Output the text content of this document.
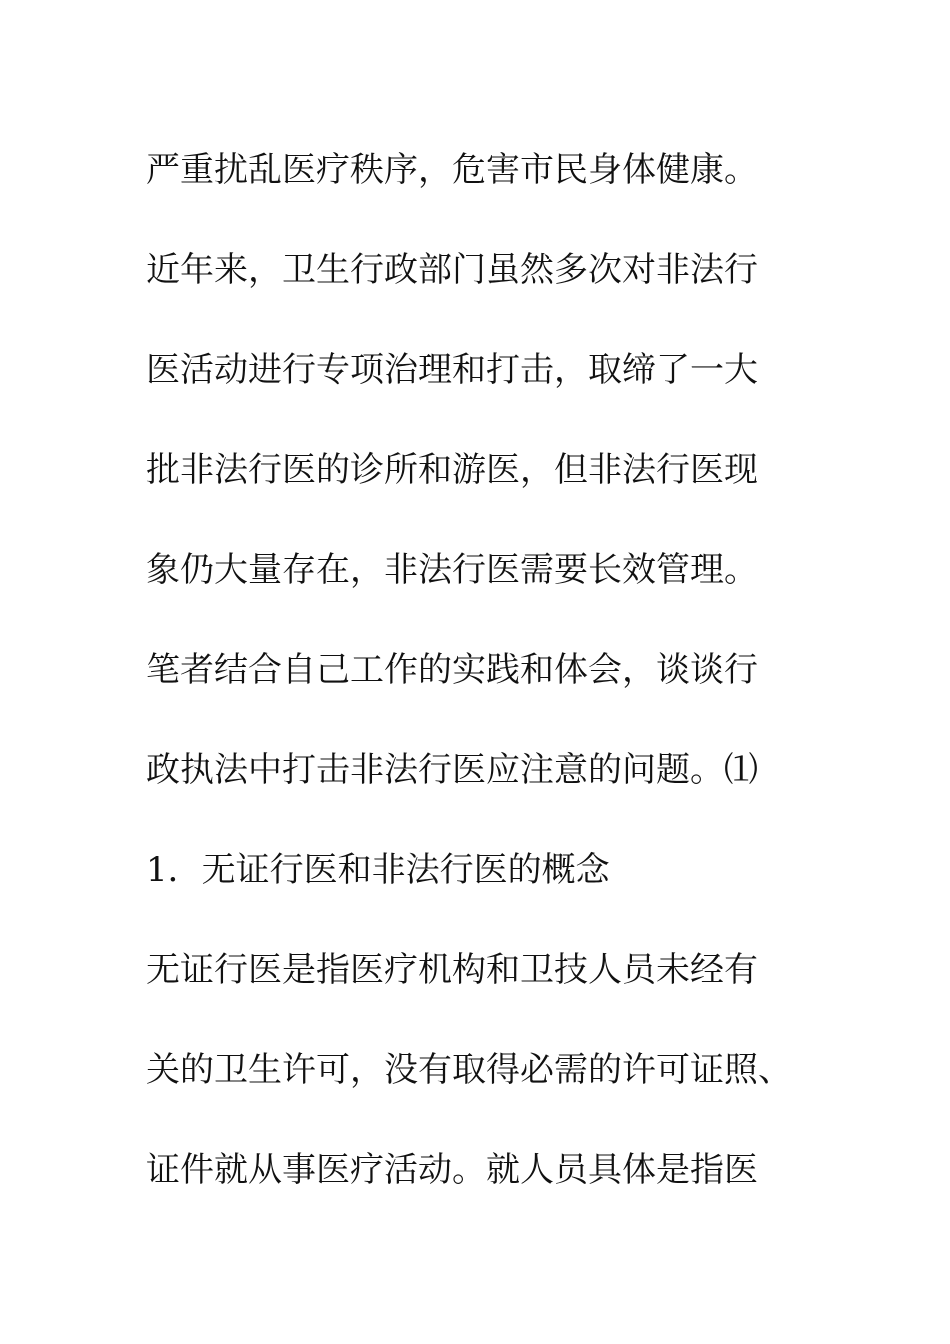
严重扰乱医疗秩序，危害市民身体健康。
近年来，卫生行政部门虽然多次对非法行
医活动进行专项治理和打击，取缔了一大
批非法行医的诊所和游医，但非法行医现
象仍大量存在，非法行医需要长效管理。
笔者结合自己工作的实践和体会，谈谈行
政执法中打击非法行医应注意的问题。⑴
1．无证行医和非法行医的概念
无证行医是指医疗机构和卫技人员未经有
关的卫生许可，没有取得必需的许可证照、
证件就从事医疗活动。就人员具体是指医
